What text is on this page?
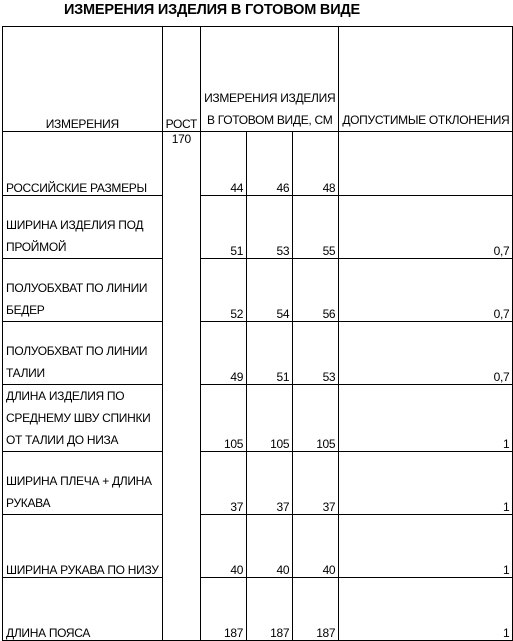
ИЗМЕРЕНИЯ ИЗДЕЛИЯ В ГОТОВОМ ВИДЕ
ИЗМЕРЕНИЯ	РОСТ	ИЗМЕРЕНИЯ ИЗДЕЛИЯ
В ГОТОВОМ ВИДЕ, СМ			ДОПУСТИМЫЕ ОТКЛОНЕНИЯ
РОССИЙСКИЕ РАЗМЕРЫ	170	44	46	48	
ШИРИНА ИЗДЕЛИЯ ПОД ПРОЙМОЙ		51	53	55	0,7
ПОЛУОБХВАТ ПО ЛИНИИ БЕДЕР		52	54	56	0,7
ПОЛУОБХВАТ ПО ЛИНИИ ТАЛИИ		49	51	53	0,7
ДЛИНА ИЗДЕЛИЯ ПО СРЕДНЕМУ ШВУ СПИНКИ ОТ ТАЛИИ ДО НИЗА		105	105	105	1
ШИРИНА ПЛЕЧА + ДЛИНА РУКАВА		37	37	37	1
ШИРИНА РУКАВА ПО НИЗУ		40	40	40	1
ДЛИНА ПОЯСА		187	187	187	1
